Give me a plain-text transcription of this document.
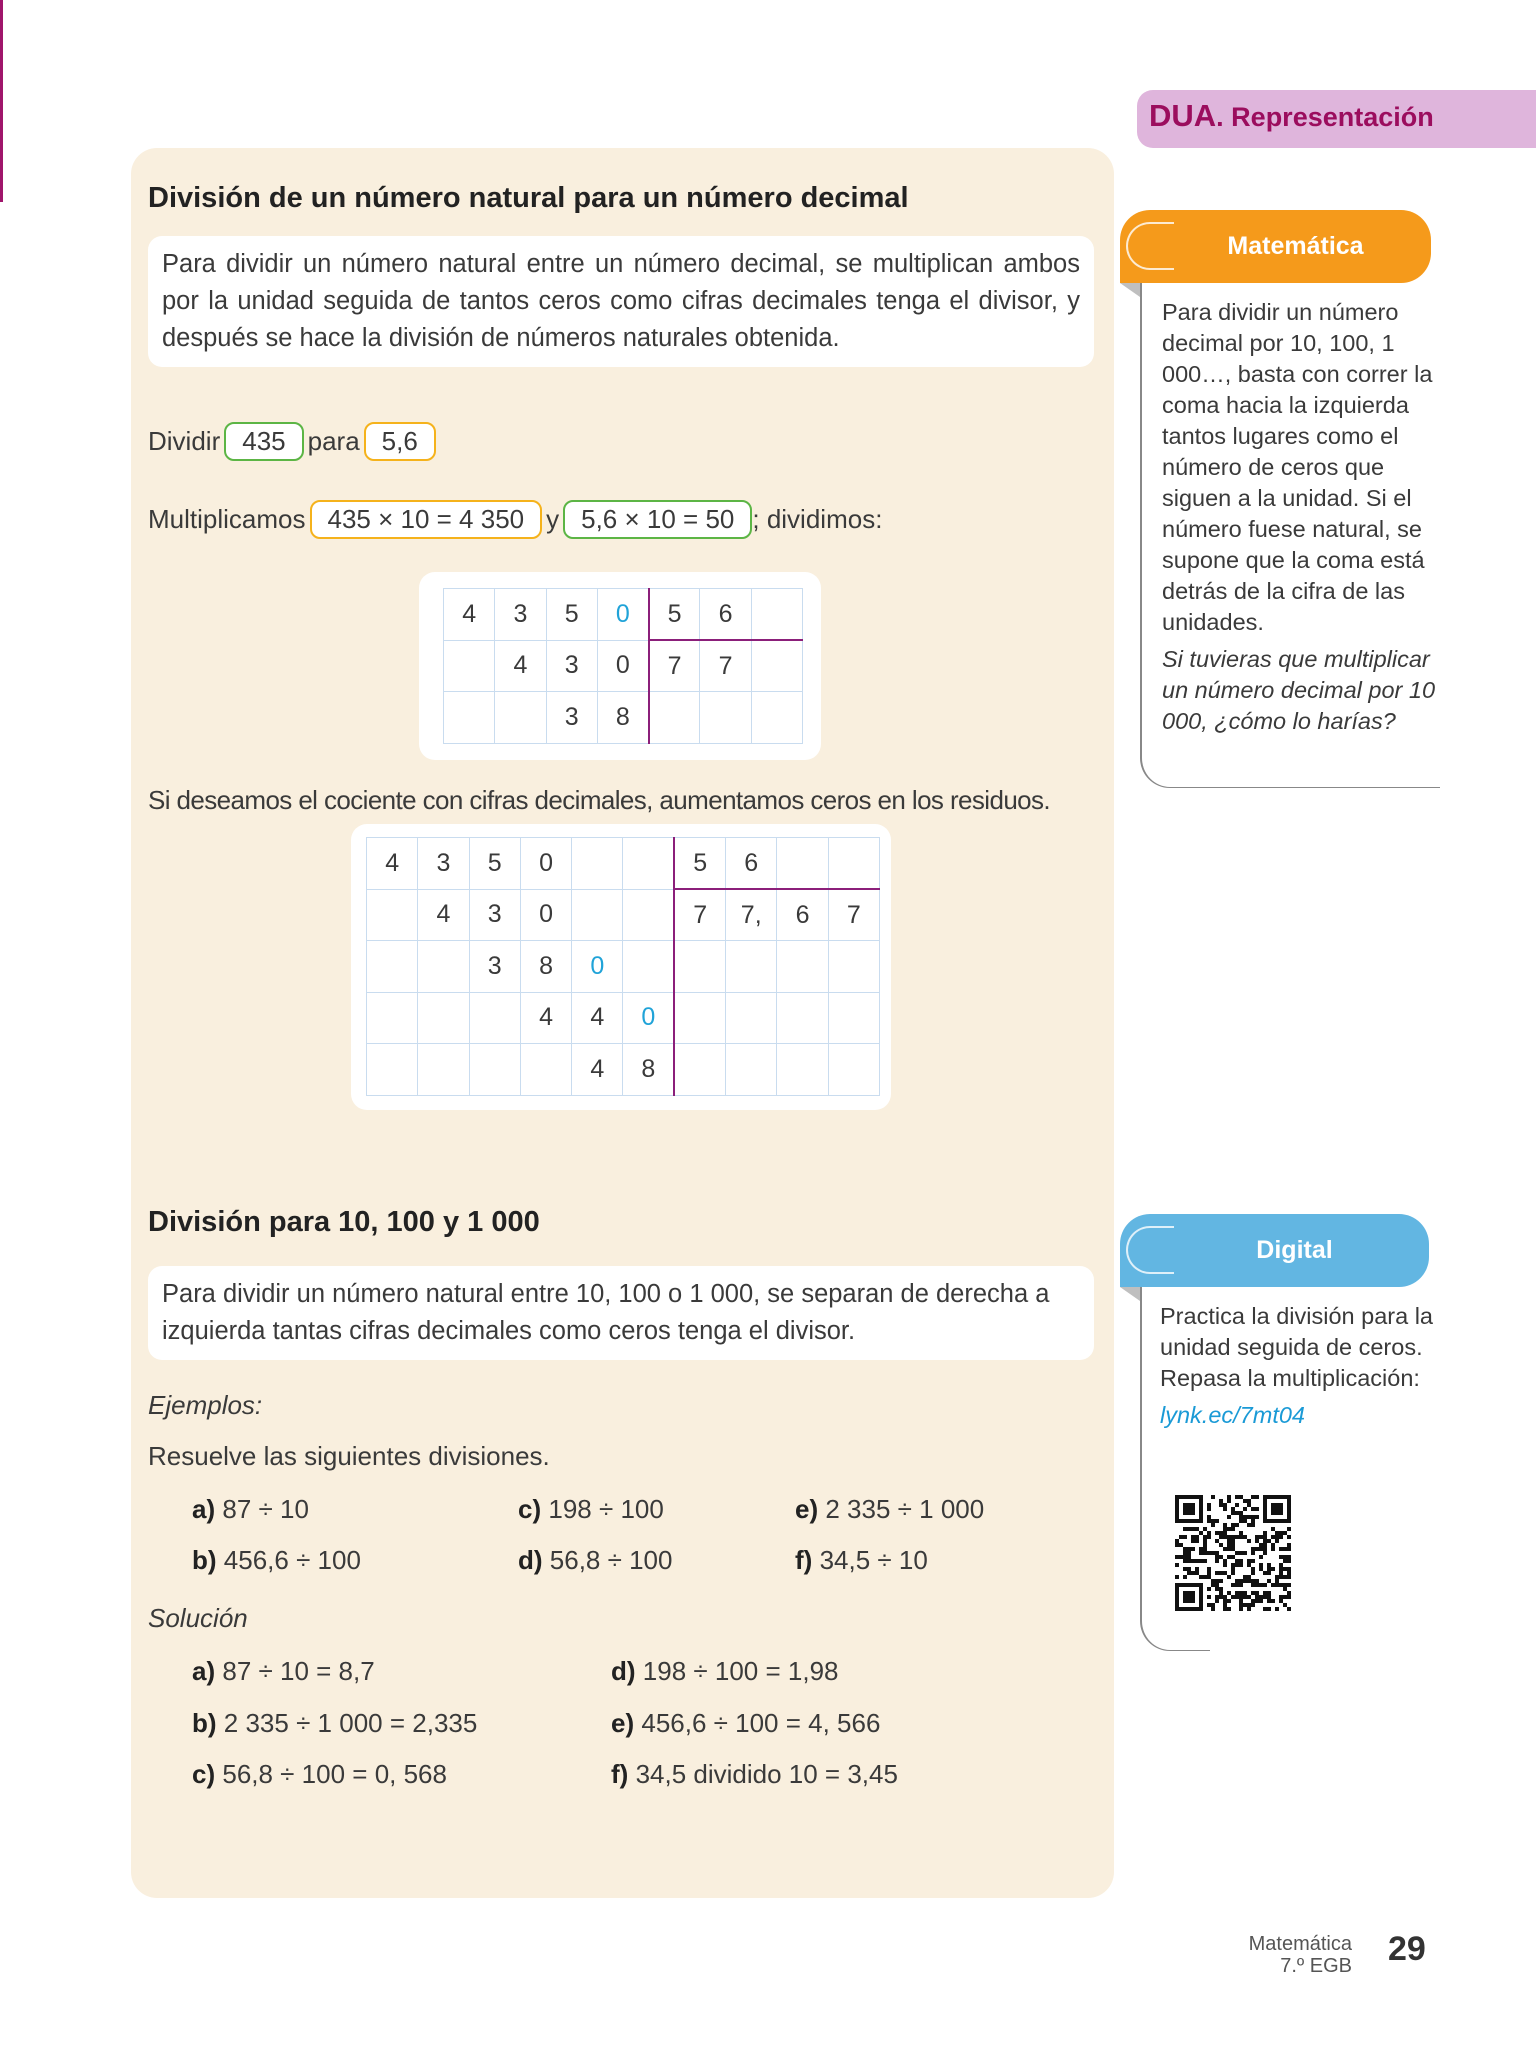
División de un número natural para un número decimal
Para dividir un número natural entre un número decimal, se multiplican ambos por la unidad seguida de tantos ceros como cifras decimales tenga el divisor, y después se hace la división de números naturales obtenida.
Dividir 435 para 5,6
Multiplicamos 435 × 10 = 4 350 y 5,6 × 10 = 50 ; dividimos:
4	3	5	0	5	6	
	4	3	0	7	7	
		3	8			
Si deseamos el cociente con cifras decimales, aumentamos ceros en los residuos.
4	3	5	0			5	6		
	4	3	0			7	7,	6	7
		3	8	0					
			4	4	0				
				4	8				
División para 10, 100 y 1 000
Para dividir un número natural entre 10, 100 o 1 000, se separan de derecha a izquierda tantas cifras decimales como ceros tenga el divisor.
Ejemplos:
Resuelve las siguientes divisiones.
a) 87 ÷ 10	c) 198 ÷ 100	e) 2 335 ÷ 1 000
b) 456,6 ÷ 100	d) 56,8 ÷ 100	f) 34,5 ÷ 10
Solución
a) 87 ÷ 10 = 8,7	d) 198 ÷ 100 = 1,98
b) 2 335 ÷ 1 000 = 2,335	e) 456,6 ÷ 100 = 4, 566
c) 56,8 ÷ 100 = 0, 568	f) 34,5 dividido 10 = 3,45
DUA. Representación
Matemática
Para dividir un número decimal por 10, 100, 1 000…, basta con correr la coma hacia la izquierda tantos lugares como el número de ceros que siguen a la unidad. Si el número fuese natural, se supone que la coma está detrás de la cifra de las unidades.
Si tuvieras que multiplicar un número decimal por 10 000, ¿cómo lo harías?
Digital
Practica la división para la unidad seguida de ceros. Repasa la multiplicación:
lynk.ec/7mt04
Matemática
7.º EGB 29
